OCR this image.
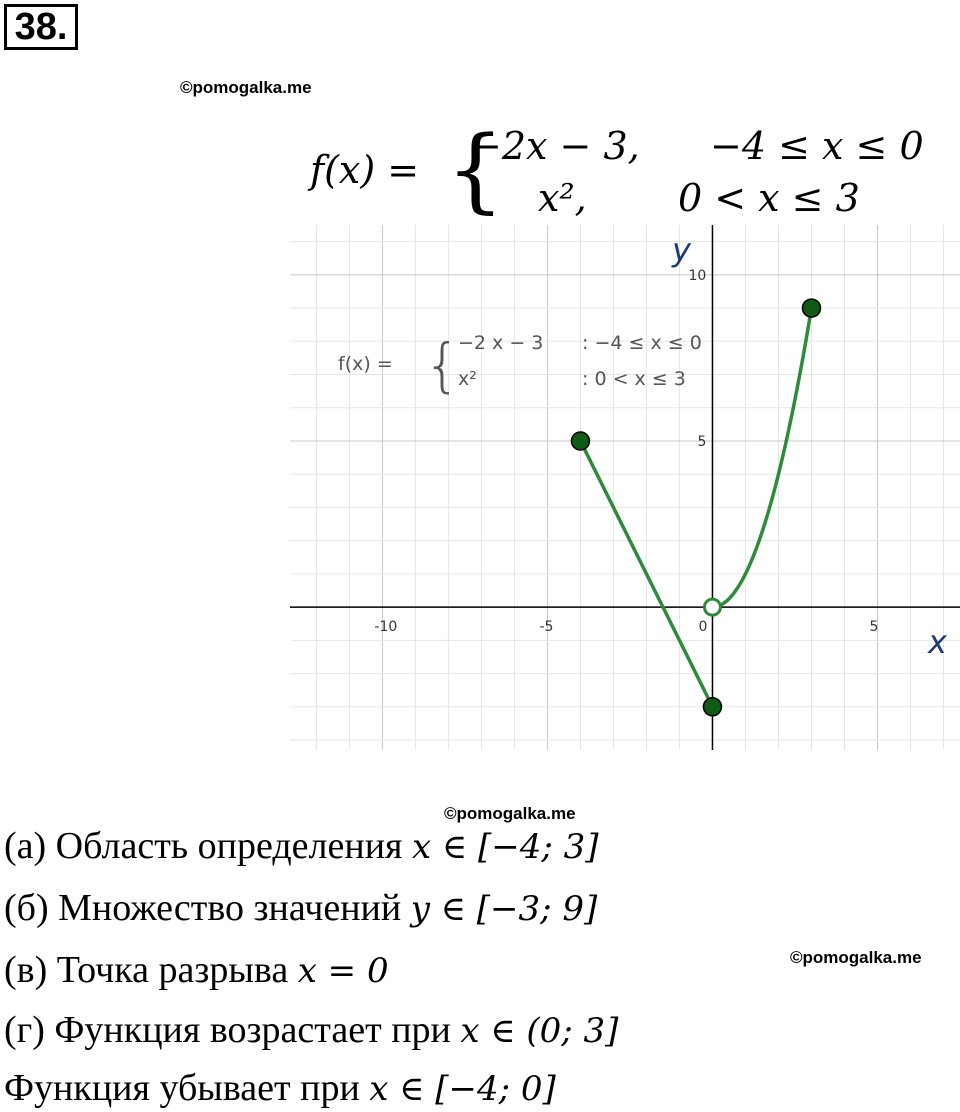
38.
©pomogalka.me
©pomogalka.me
©pomogalka.me
f(x) = {
−2x − 3, −4 ≤ x ≤ 0
x², 0 < x ≤ 3
-10	-5	0	5
5
10
f(x) = {
−2 x − 3 : −4 ≤ x ≤ 0
x²	: 0 < x ≤ 3
y
x
(а) Область определения x ∈ [−4; 3]
(б) Множество значений y ∈ [−3; 9]
(в) Точка разрыва x = 0
(г) Функция возрастает при x ∈ (0; 3]
Функция убывает при x ∈ [−4; 0]
